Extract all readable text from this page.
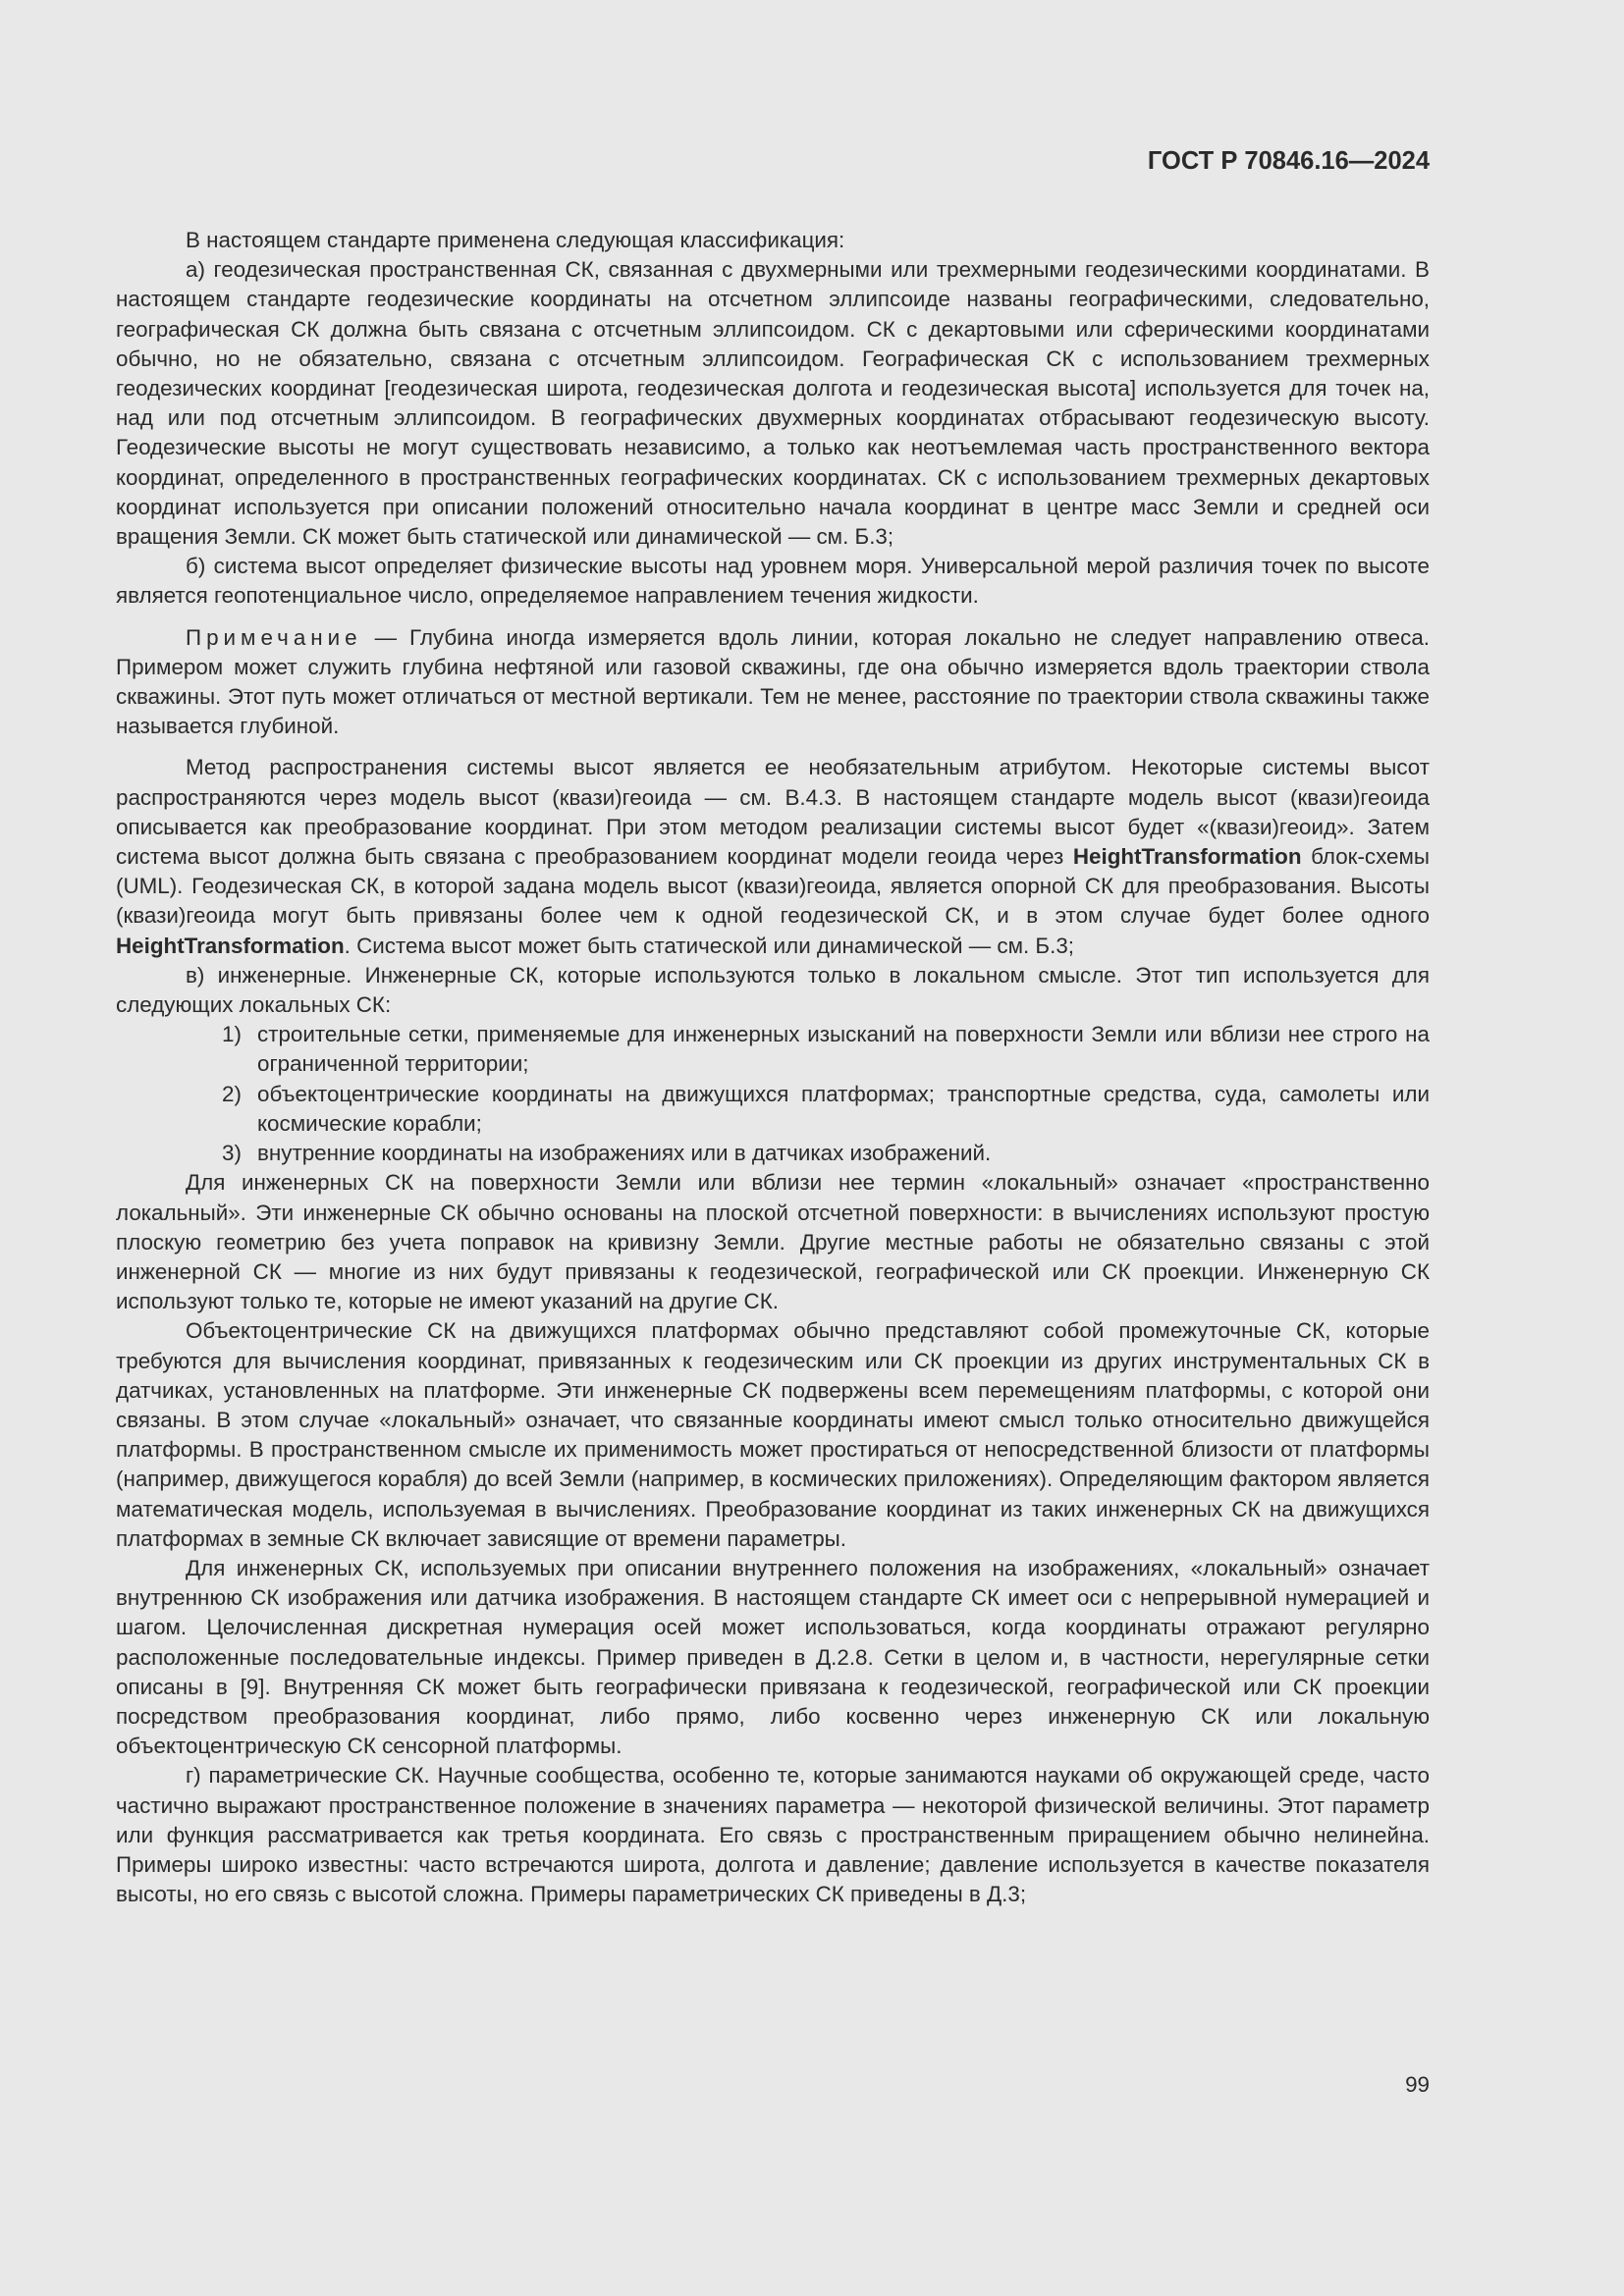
ГОСТ Р 70846.16—2024

В настоящем стандарте применена следующая классификация:

а) геодезическая пространственная СК, связанная с двухмерными или трехмерными геодезическими координатами. В настоящем стандарте геодезические координаты на отсчетном эллипсоиде названы географическими, следовательно, географическая СК должна быть связана с отсчетным эллипсоидом. СК с декартовыми или сферическими координатами обычно, но не обязательно, связана с отсчетным эллипсоидом. Географическая СК с использованием трехмерных геодезических координат [геодезическая широта, геодезическая долгота и геодезическая высота] используется для точек на, над или под отсчетным эллипсоидом. В географических двухмерных координатах отбрасывают геодезическую высоту. Геодезические высоты не могут существовать независимо, а только как неотъемлемая часть пространственного вектора координат, определенного в пространственных географических координатах. СК с использованием трехмерных декартовых координат используется при описании положений относительно начала координат в центре масс Земли и средней оси вращения Земли. СК может быть статической или динамической — см. Б.3;

б) система высот определяет физические высоты над уровнем моря. Универсальной мерой различия точек по высоте является геопотенциальное число, определяемое направлением течения жидкости.

Примечание — Глубина иногда измеряется вдоль линии, которая локально не следует направлению отвеса. Примером может служить глубина нефтяной или газовой скважины, где она обычно измеряется вдоль траектории ствола скважины. Этот путь может отличаться от местной вертикали. Тем не менее, расстояние по траектории ствола скважины также называется глубиной.

Метод распространения системы высот является ее необязательным атрибутом. Некоторые системы высот распространяются через модель высот (квази)геоида — см. В.4.3. В настоящем стандарте модель высот (квази)геоида описывается как преобразование координат. При этом методом реализации системы высот будет «(квази)геоид». Затем система высот должна быть связана с преобразованием координат модели геоида через HeightTransformation блок-схемы (UML). Геодезическая СК, в которой задана модель высот (квази)геоида, является опорной СК для преобразования. Высоты (квази)геоида могут быть привязаны более чем к одной геодезической СК, и в этом случае будет более одного HeightTransformation. Система высот может быть статической или динамической — см. Б.3;

в) инженерные. Инженерные СК, которые используются только в локальном смысле. Этот тип используется для следующих локальных СК:

1) строительные сетки, применяемые для инженерных изысканий на поверхности Земли или вблизи нее строго на ограниченной территории;
2) объектоцентрические координаты на движущихся платформах; транспортные средства, суда, самолеты или космические корабли;
3) внутренние координаты на изображениях или в датчиках изображений.

Для инженерных СК на поверхности Земли или вблизи нее термин «локальный» означает «пространственно локальный». Эти инженерные СК обычно основаны на плоской отсчетной поверхности: в вычислениях используют простую плоскую геометрию без учета поправок на кривизну Земли. Другие местные работы не обязательно связаны с этой инженерной СК — многие из них будут привязаны к геодезической, географической или СК проекции. Инженерную СК используют только те, которые не имеют указаний на другие СК.

Объектоцентрические СК на движущихся платформах обычно представляют собой промежуточные СК, которые требуются для вычисления координат, привязанных к геодезическим или СК проекции из других инструментальных СК в датчиках, установленных на платформе. Эти инженерные СК подвержены всем перемещениям платформы, с которой они связаны. В этом случае «локальный» означает, что связанные координаты имеют смысл только относительно движущейся платформы. В пространственном смысле их применимость может простираться от непосредственной близости от платформы (например, движущегося корабля) до всей Земли (например, в космических приложениях). Определяющим фактором является математическая модель, используемая в вычислениях. Преобразование координат из таких инженерных СК на движущихся платформах в земные СК включает зависящие от времени параметры.

Для инженерных СК, используемых при описании внутреннего положения на изображениях, «локальный» означает внутреннюю СК изображения или датчика изображения. В настоящем стандарте СК имеет оси с непрерывной нумерацией и шагом. Целочисленная дискретная нумерация осей может использоваться, когда координаты отражают регулярно расположенные последовательные индексы. Пример приведен в Д.2.8. Сетки в целом и, в частности, нерегулярные сетки описаны в [9]. Внутренняя СК может быть географически привязана к геодезической, географической или СК проекции посредством преобразования координат, либо прямо, либо косвенно через инженерную СК или локальную объектоцентрическую СК сенсорной платформы.

г) параметрические СК. Научные сообщества, особенно те, которые занимаются науками об окружающей среде, часто частично выражают пространственное положение в значениях параметра — некоторой физической величины. Этот параметр или функция рассматривается как третья координата. Его связь с пространственным приращением обычно нелинейна. Примеры широко известны: часто встречаются широта, долгота и давление; давление используется в качестве показателя высоты, но его связь с высотой сложна. Примеры параметрических СК приведены в Д.3;

99
